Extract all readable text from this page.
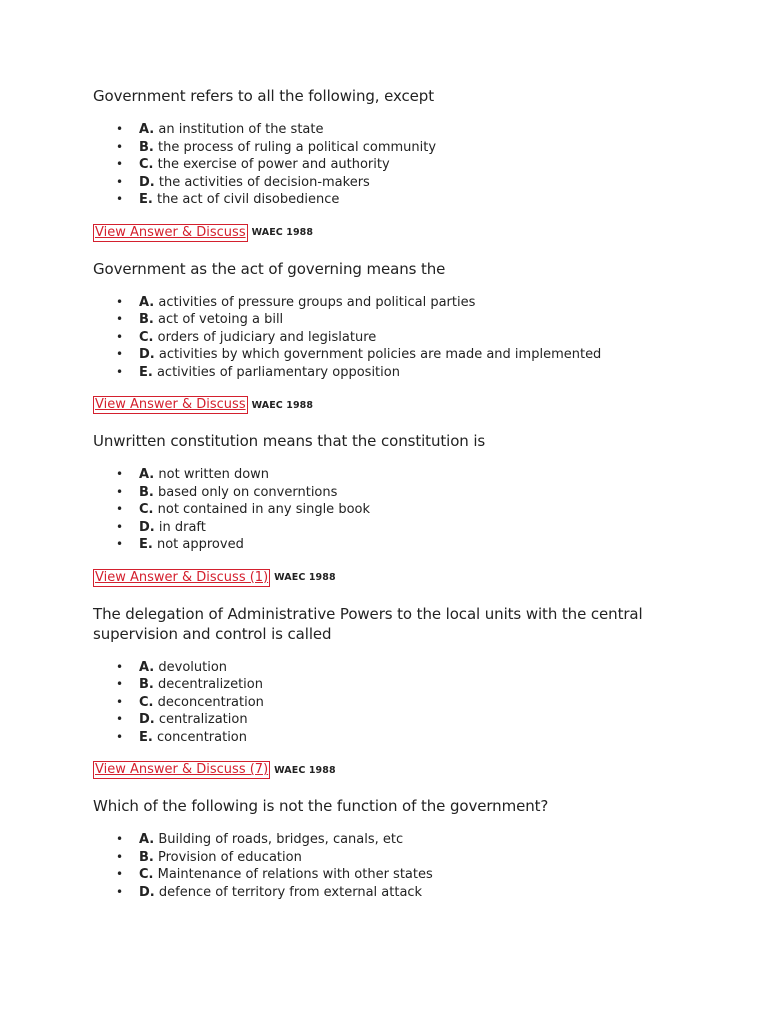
Government refers to all the following, except

• A. an institution of the state
• B. the process of ruling a political community
• C. the exercise of power and authority
• D. the activities of decision-makers
• E. the act of civil disobedience
View Answer & Discuss WAEC 1988

Government as the act of governing means the

• A. activities of pressure groups and political parties
• B. act of vetoing a bill
• C. orders of judiciary and legislature
• D. activities by which government policies are made and implemented
• E. activities of parliamentary opposition
View Answer & Discuss WAEC 1988

Unwritten constitution means that the constitution is

• A. not written down
• B. based only on converntions
• C. not contained in any single book
• D. in draft
• E. not approved
View Answer & Discuss (1) WAEC 1988

The delegation of Administrative Powers to the local units with the central supervision and control is called

• A. devolution
• B. decentralizetion
• C. deconcentration
• D. centralization
• E. concentration
View Answer & Discuss (7) WAEC 1988

Which of the following is not the function of the government?

• A. Building of roads, bridges, canals, etc
• B. Provision of education
• C. Maintenance of relations with other states
• D. defence of territory from external attack
